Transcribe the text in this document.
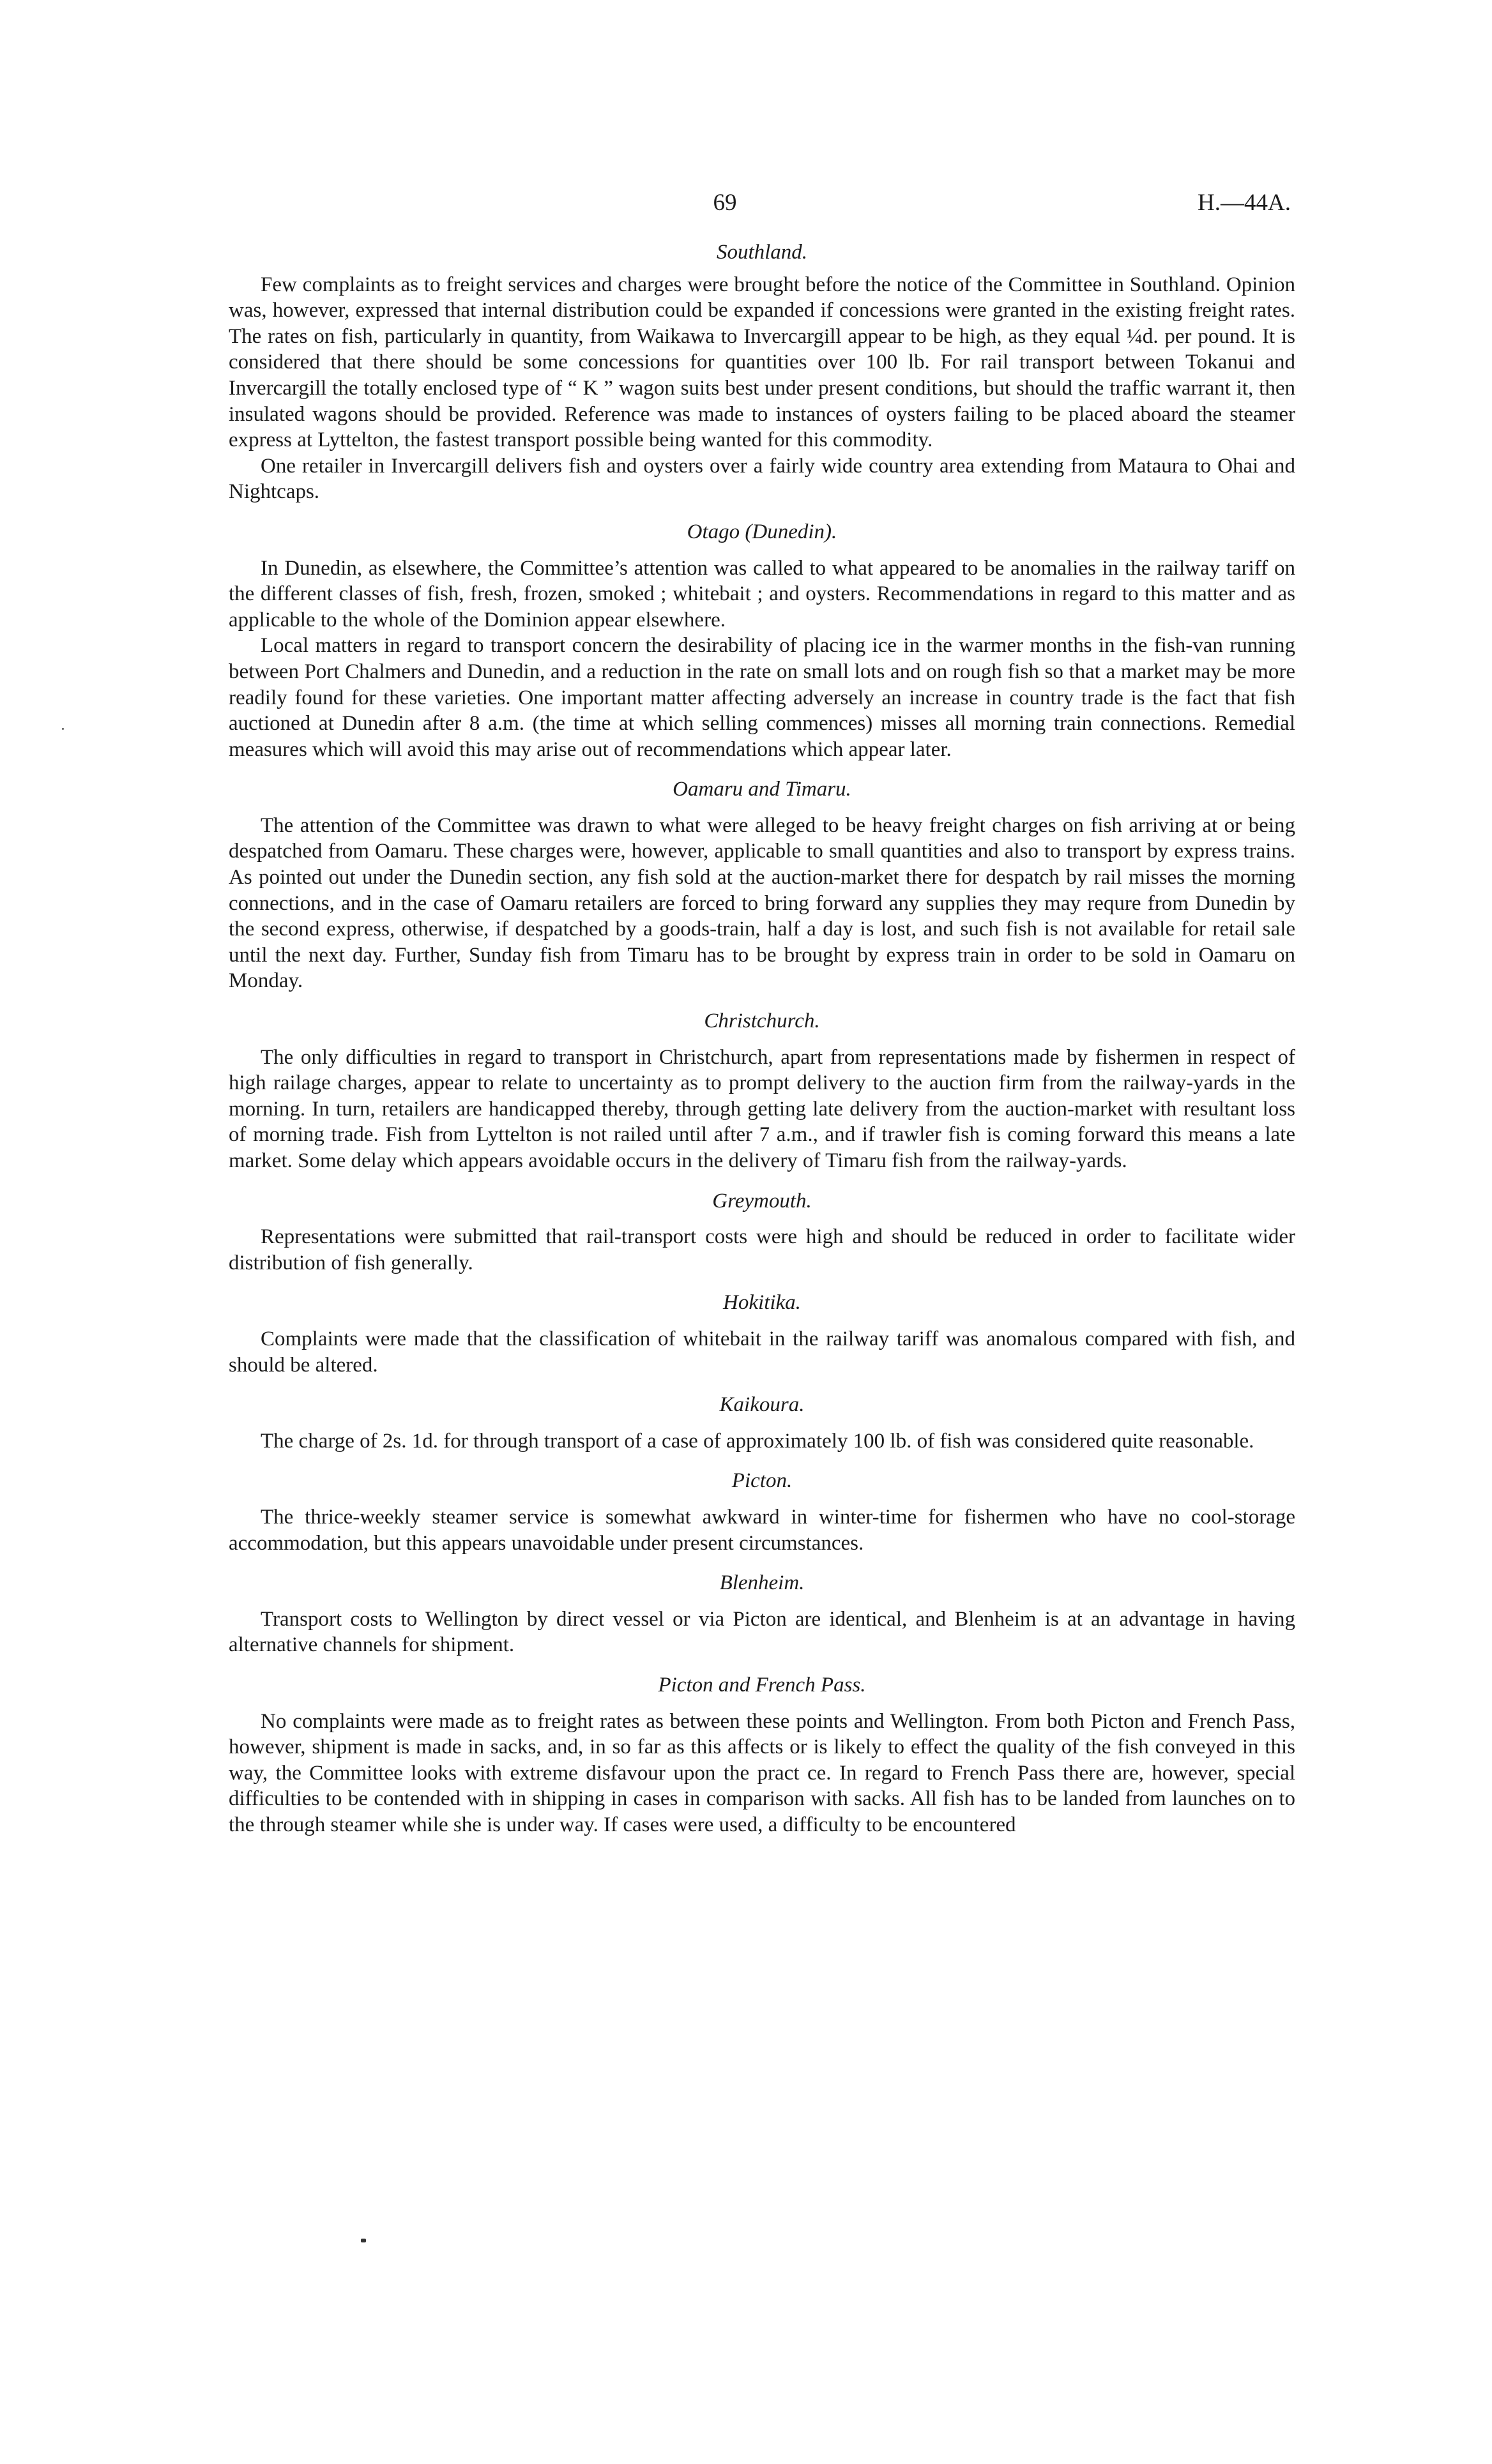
69	H.—44A.
Southland.

Few complaints as to freight services and charges were brought before the notice of the Committee in Southland. Opinion was, however, expressed that internal distribution could be expanded if concessions were granted in the existing freight rates. The rates on fish, particularly in quantity, from Waikawa to Invercargill appear to be high, as they equal ¼d. per pound. It is considered that there should be some concessions for quantities over 100 lb. For rail transport between Tokanui and Invercargill the totally enclosed type of “ K ” wagon suits best under present conditions, but should the traffic warrant it, then insulated wagons should be provided. Reference was made to instances of oysters failing to be placed aboard the steamer express at Lyttelton, the fastest transport possible being wanted for this commodity.

One retailer in Invercargill delivers fish and oysters over a fairly wide country area extending from Mataura to Ohai and Nightcaps.

Otago (Dunedin).

In Dunedin, as elsewhere, the Committee’s attention was called to what appeared to be anomalies in the railway tariff on the different classes of fish, fresh, frozen, smoked ; whitebait ; and oysters. Recommendations in regard to this matter and as applicable to the whole of the Dominion appear elsewhere.

Local matters in regard to transport concern the desirability of placing ice in the warmer months in the fish-van running between Port Chalmers and Dunedin, and a reduction in the rate on small lots and on rough fish so that a market may be more readily found for these varieties. One important matter affecting adversely an increase in country trade is the fact that fish auctioned at Dunedin after 8 a.m. (the time at which selling commences) misses all morning train connections. Remedial measures which will avoid this may arise out of recommendations which appear later.

Oamaru and Timaru.

The attention of the Committee was drawn to what were alleged to be heavy freight charges on fish arriving at or being despatched from Oamaru. These charges were, however, applicable to small quantities and also to transport by express trains. As pointed out under the Dunedin section, any fish sold at the auction-market there for despatch by rail misses the morning connections, and in the case of Oamaru retailers are forced to bring forward any supplies they may requre from Dunedin by the second express, otherwise, if despatched by a goods-train, half a day is lost, and such fish is not available for retail sale until the next day. Further, Sunday fish from Timaru has to be brought by express train in order to be sold in Oamaru on Monday.

Christchurch.

The only difficulties in regard to transport in Christchurch, apart from representations made by fishermen in respect of high railage charges, appear to relate to uncertainty as to prompt delivery to the auction firm from the railway-yards in the morning. In turn, retailers are handicapped thereby, through getting late delivery from the auction-market with resultant loss of morning trade. Fish from Lyttelton is not railed until after 7 a.m., and if trawler fish is coming forward this means a late market. Some delay which appears avoidable occurs in the delivery of Timaru fish from the railway-yards.

Greymouth.

Representations were submitted that rail-transport costs were high and should be reduced in order to facilitate wider distribution of fish generally.

Hokitika.

Complaints were made that the classification of whitebait in the railway tariff was anomalous compared with fish, and should be altered.

Kaikoura.

The charge of 2s. 1d. for through transport of a case of approximately 100 lb. of fish was considered quite reasonable.

Picton.

The thrice-weekly steamer service is somewhat awkward in winter-time for fishermen who have no cool-storage accommodation, but this appears unavoidable under present circumstances.

Blenheim.

Transport costs to Wellington by direct vessel or via Picton are identical, and Blenheim is at an advantage in having alternative channels for shipment.

Picton and French Pass.

No complaints were made as to freight rates as between these points and Wellington. From both Picton and French Pass, however, shipment is made in sacks, and, in so far as this affects or is likely to effect the quality of the fish conveyed in this way, the Committee looks with extreme disfavour upon the pract ce. In regard to French Pass there are, however, special difficulties to be contended with in shipping in cases in comparison with sacks. All fish has to be landed from launches on to the through steamer while she is under way. If cases were used, a difficulty to be encountered
